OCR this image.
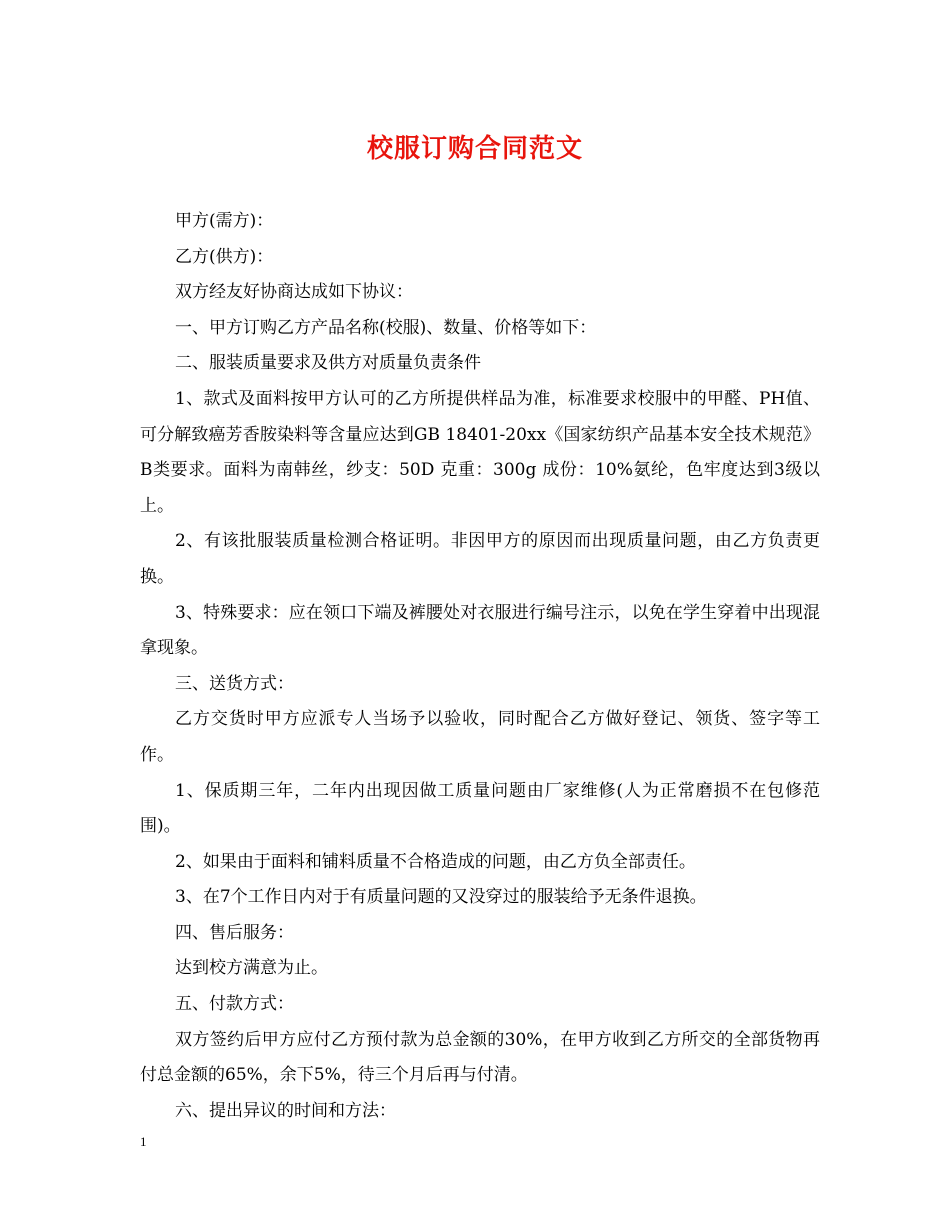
校服订购合同范文

甲方(需方)：

乙方(供方)：

双方经友好协商达成如下协议：

一、甲方订购乙方产品名称(校服)、数量、价格等如下：

二、服装质量要求及供方对质量负责条件

1、款式及面料按甲方认可的乙方所提供样品为准，标准要求校服中的甲醛、PH值、可分解致癌芳香胺染料等含量应达到GB 18401-20xx《国家纺织产品基本安全技术规范》B类要求。面料为南韩丝，纱支：50D 克重：300g 成份：10%氨纶，色牢度达到3级以上。

2、有该批服装质量检测合格证明。非因甲方的原因而出现质量问题，由乙方负责更换。

3、特殊要求：应在领口下端及裤腰处对衣服进行编号注示，以免在学生穿着中出现混拿现象。

三、送货方式：

乙方交货时甲方应派专人当场予以验收，同时配合乙方做好登记、领货、签字等工作。

1、保质期三年，二年内出现因做工质量问题由厂家维修(人为正常磨损不在包修范围)。

2、如果由于面料和铺料质量不合格造成的问题，由乙方负全部责任。

3、在7个工作日内对于有质量问题的又没穿过的服装给予无条件退换。

四、售后服务：

达到校方满意为止。

五、付款方式：

双方签约后甲方应付乙方预付款为总金额的30%，在甲方收到乙方所交的全部货物再付总金额的65%，余下5%，待三个月后再与付清。

六、提出异议的时间和方法：

1
